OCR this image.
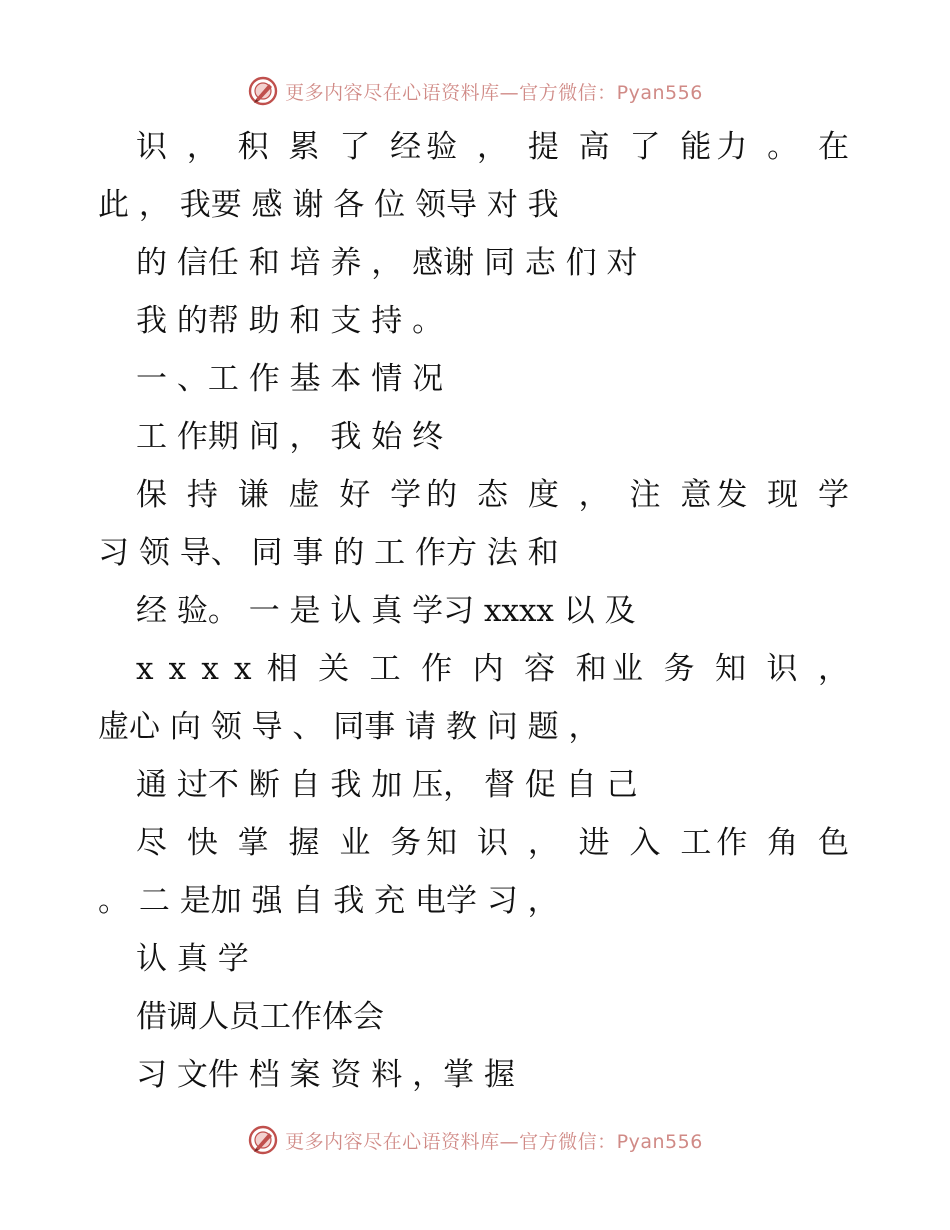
更多内容尽在心语资料库—官方微信：Pyan556
识 ， 积 累 了 经验 ， 提 高 了 能力 。 在
此 ， 我要 感 谢 各 位 领导 对 我
的 信任 和 培 养 ， 感谢 同 志 们 对
我 的帮 助 和 支 持 。
一 、工 作 基 本 情 况
工 作期 间 ， 我 始 终
保 持 谦 虚 好 学的 态 度 ， 注 意发 现 学
习 领 导、 同 事 的 工 作方 法 和
经 验。 一 是 认 真 学习 xxxx 以 及
x x x x 相 关 工 作 内 容 和业 务 知 识 ，
虚心 向 领 导 、 同事 请 教 问 题 ，
通 过不 断 自 我 加 压， 督 促 自 己
尽 快 掌 握 业 务知 识 ， 进 入 工作 角 色
。 二 是加 强 自 我 充 电学 习 ，
认 真 学
借调人员工作体会
习 文件 档 案 资 料 ，掌 握
更多内容尽在心语资料库—官方微信：Pyan556
